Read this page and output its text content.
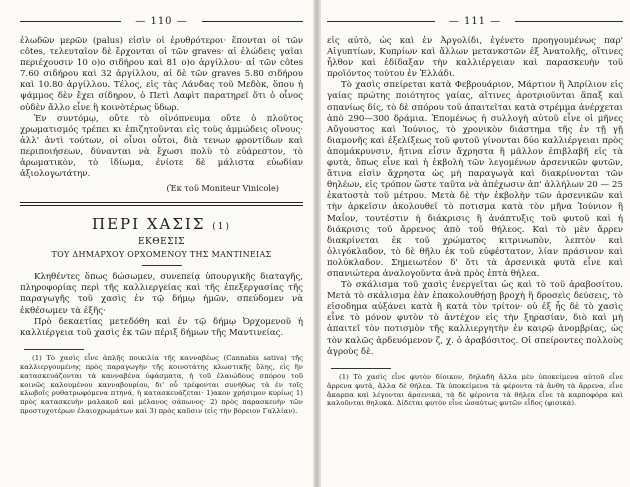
— 110 —

ἑλωδῶν μερῶν (palus) εἰσὶν οἱ ἐρυθρότεροι· ἕπονται οἱ τῶν côtes, τελευταῖον δὲ ἔρχονται οἱ τῶν graves· αἱ ἑλώδεις γαῖαι περιέχουσιν 10 ο)ο σιδήρου καὶ 81 ο)ο ἀργίλλου· αἱ τῶν côtes 7.60 σιδήρου καὶ 32 ἀργίλλου, αἱ δὲ τῶν graves 5.80 σιδήρου καὶ 10.80 ἀργίλλου. Τέλος, εἰς τὰς Λάνδας τοῦ Μεδὸκ, ὅπου ἡ ψάμμος δὲν ἔχει σίδηρον, ὁ Πετὶ Λαφὶτ παρατηρεῖ ὅτι ὁ οἶνος οὐδὲν ἄλλο εἶνε ἢ κοινὸτέρως ὕδωρ.

Ἐν συντόμῳ, οὔτε τὸ οἰνόπνευμα οὔτε ὁ πλοῦτος χρωματισμός τρέπει κι ἐπιζητοῦνται εἰς τοὺς ἀμμώδεις οἴνους· ἀλλ' ἀντὶ τούτων, οἱ οἶνοι οὗτοι, διὰ τενων φροντίδων καὶ περιποιήσεων, δύνανται νὰ ἔχωσι πολὺ τὸ εὐάρεστον, τὸ ἀρωματικὸν, τὸ ἰδίωμα, ἐνίοτε δὲ μάλιστα εὐωδίαν ἀξιολογωτάτην.

(Ἐκ τοῦ Moniteur Vinicole)
ΠΕΡΙ ΧΑΣΙΣ (1)
ΕΚΘΕΣΙΣ
ΤΟΥ ΔΗΜΑΡΧΟΥ ΟΡΧΟΜΕΝΟΥ ΤΗΣ ΜΑΝΤΙΝΕΙΑΣ

Κληθέντες ὅπως δώσωμεν, συνεπείᾳ ὑπουργικῆς διαταγῆς, πληροφορίας περὶ τῆς καλλιεργείας καὶ τῆς ἐπεξεργασίας τῆς παραγωγῆς τοῦ χασὶς ἐν τῷ δήμῳ ἡμῶν, σπεύδομεν νὰ ἐκθέσωμεν τὰ ἑξῆς·

Πρὸ δεκαετίας μετεδόθη καὶ ἐν τῷ δήμῳ Ὀρχομενοῦ ἡ καλλιέργεια τοῦ χασὶς ἐκ τῶν πέριξ δήμων τῆς Μαντινείας.

(1) Τὸ χασὶς εἶνε ἁπλῆς ποικιλία τῆς κανναβέως (Cannabis sativa) τῆς καλλιεργουμένης πρὸς παραγωγὴν τῆς κοινοτάτης κλωστικῆς ὕλης, εἰς ἣν κατασκευάζονται τὰ κανναβένα ὑφάσματα, ἡ τοῦ ἐλαιώδους σπόρου τοῦ κοινῶς καλουμένου κανναβουρίου, δι' οὗ τρέφονται συνήθως τὰ ἐν τοῖς κλωβοῖς ρυθατρωφόμενα πτηνά, ἡ κατασκευάζεται· 1)ακον χρήσιμον κυρίως 1) πρὸς κατασκευὴν μαλακοῦ καὶ μέλανος σάπωνος· 2) πρὸς παρασκευὴν τῶν προστυχοτέρων ἐλαιοχρωμάτων καὶ 3) πρὸς καῦσιν (εἰς τὴν βόρειον Γαλλίαν).

— 111 —

εἰς αὐτὸ, ὡς καὶ ἐν Ἀργολίδι, ἐγένετο προηγουμένως παρ' Αἰγυπτίων, Κυπρίων καὶ ἄλλων μετανκστῶν ἐξ Ἀνατολῆς, οἵτινες ἦλθον καὶ ἐδίδαξαν τὴν καλλιέργειαν καὶ παρασκευὴν τοῦ προϊόντος τούτου ἐν Ἑλλάδι.

Τὸ χασὶς σπείρεται κατὰ Φεβρουάριον, Μάρτιον ἢ Ἀπρίλιον εἰς γαίας πρώτης ποιότητος γαίας, αἵτινες ἀροτριοῦνται ἅπαξ καὶ σπανίως δίς, τὸ δὲ σπόρου τοῦ ἀπαιτεῖται κατὰ στρέμμα ἀνέρχεται ἀπὸ 290—300 δράμια. Ἐπομένως ἡ συλλογὴ αὐτοῦ εἶνε οἱ μῆνες Αὔγουστος καὶ Ἰούνιος, τὸ χρονικὸν διάστημα τῆς ἐν τῇ γῇ διαμονῆς καὶ ἐξελίξεως τοῦ φυτοῦ γίνονται δύο καλλιέργειαι πρὸς ἀπομάκρυνσιν, ἥτινα εἶσιν ἄχρηστα ἢ μᾶλλον ἐπιβλαβῆ εἰς τὰ φυτὰ, ὅπως εἶνε καὶ ἡ ἐκβολὴ τῶν λεγομένων ἀρσενικῶν φυτῶν, ἅτινα εἰσὶν ἄχρηστα ὡς μὴ παραγωγὰ καὶ διακρίνονται τῶν θηλέων, εἰς τρόπον ὥστε ταῦτα νὰ ἀπέχωσιν ἀπ' ἀλλήλων 20 — 25 ἑκατοστὰ τοῦ μέτρου. Μετὰ δὲ τὴν ἐκβολὴν τῶν ἀρσενικῶν καὶ τὴν ἀρκεῖσιν ἀκολουθεῖ τὸ ποτισμα κατὰ τὸν μῆνα Ἰούνιον ἢ Μαΐον, τουτέστιν ἡ διάκρισις ἢ ἀνάπτυξις τοῦ φυτοῦ καὶ ἡ διάκρισις τοῦ ἄρρενος ἀπὸ τοῦ θήλεος. Καὶ τὸ μὲν ἄρρεν διακρίνεται ἐκ τοῦ χρώματος κιτρινωπὸν, λεπτὸν καὶ ὀλιγόκλαδον, τὸ δὲ θῆλυ ἐκ τοῦ εὐφέστατον, λίαν πράσινον καὶ πολύκλαδον. Σημειωτέον δ' ὅτι τὰ ἀρσενικὰ φυτὰ εἶνε καὶ σπανιώτερα ἀναλογοῦντα ἀνὰ πρὸς ἑπτὰ θήλεα.

Τὸ σκάλισμα τοῦ χασὶς ἐνεργεῖται ὡς καὶ τὸ τοῦ ἀραβοσίτου. Μετὰ τὸ σκάλισμα ἐὰν ἐπακολουθήσῃ βροχὴ ἢ δροσεὶς δεύσεις, τὸ εἰσοδημα αὐξάνει κατὰ ἢ κατὰ τὸν τρίτον· οὐ ἐξ ἧς δὲ τὸ χασὶς εἶνε τὸ μόνον φυτὸν τὸ ἀντέχον εἰς τὴν ξηρασίαν, διὸ καὶ μὴ ἀπαιτεῖ τὸν ποτισμὸν τῆς καλλιεργητὴν ἐν καιρῷ ἀνομβρίας, ὡς τὸν καλῶς ἀρδευόμενον ζ, χ. ὁ ἀραβόσιτος. Οἱ σπείροντες πολλοὺς ἀγροὺς δὲ.

(1) Τὸ χασὶς εἶνε φυτὸν δίοικον, δηλαδὴ ἄλλα μὲν ὑποκείμενα αὐτοῦ εἶνε ἄρρενα φυτὰ, ἄλλα δὲ θήλεα. Τὰ ὑποκείμενα τὰ φέροντα τὰ ἄνθη τὰ ἄρρενα, εἶνε ἄκαρπα καὶ λέγονται ἀρσενικά, τὰ δὲ φέροντα τὰ θήλεα εἶνε τὰ καρποφόρα καὶ καλοῦνται θηλυκά. Δίδεται φυτὸν εἶνε ὡσαύτως φυτῶν εἶδος (φισικά).
